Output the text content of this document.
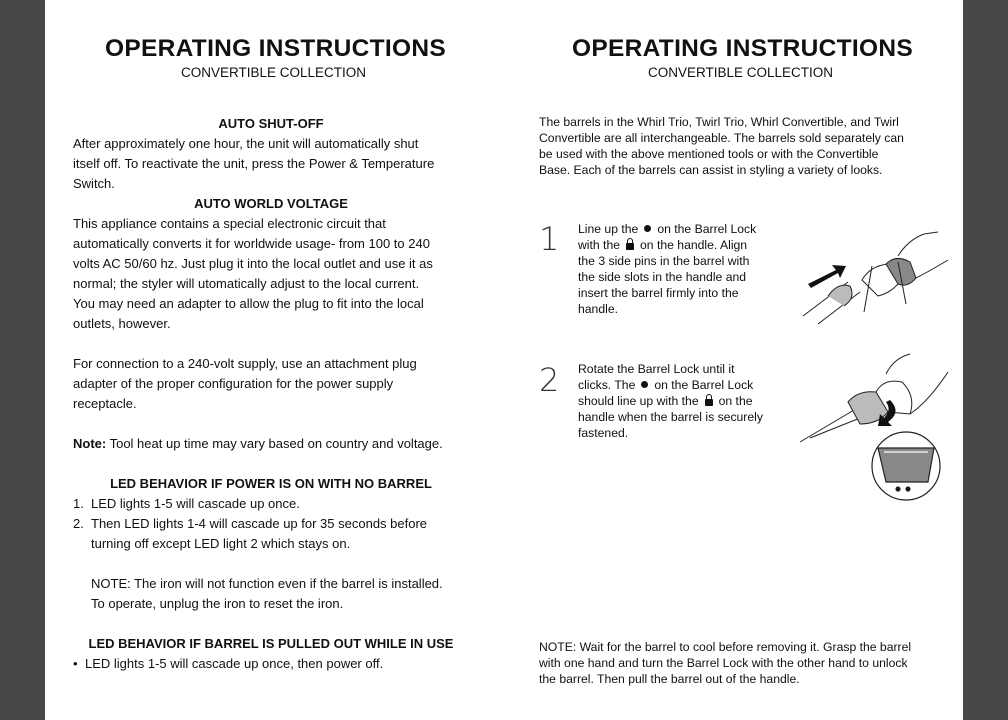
OPERATING INSTRUCTIONS

CONVERTIBLE COLLECTION

AUTO SHUT-OFF

After approximately one hour, the unit will automatically shut

itself off. To reactivate the unit, press the Power & Temperature

Switch.

AUTO WORLD VOLTAGE

This appliance contains a special electronic circuit that

automatically converts it for worldwide usage- from 100 to 240

volts AC 50/60 hz. Just plug it into the local outlet and use it as

normal; the styler will utomatically adjust to the local current.

You may need an adapter to allow the plug to fit into the local

outlets, however.

For connection to a 240-volt supply, use an attachment plug

adapter of the proper configuration for the power supply

receptacle.

Note: Tool heat up time may vary based on country and voltage.

LED BEHAVIOR IF POWER IS ON WITH NO BARREL

1. LED lights 1-5 will cascade up once.

2. Then LED lights 1-4 will cascade up for 35 seconds before

turning off except LED light 2 which stays on.

NOTE: The iron will not function even if the barrel is installed.

To operate, unplug the iron to reset the iron.

LED BEHAVIOR IF BARREL IS PULLED OUT WHILE IN USE

• LED lights 1-5 will cascade up once, then power off.

OPERATING INSTRUCTIONS

CONVERTIBLE COLLECTION

The barrels in the Whirl Trio, Twirl Trio, Whirl Convertible, and Twirl

Convertible are all interchangeable. The barrels sold separately can

be used with the above mentioned tools or with the Convertible

Base. Each of the barrels can assist in styling a variety of looks.

1 Line up the on the Barrel Lock

with the on the handle. Align

the 3 side pins in the barrel with

the side slots in the handle and

insert the barrel firmly into the

handle.

2 Rotate the Barrel Lock until it

clicks. The on the Barrel Lock

should line up with the on the

handle when the barrel is securely

fastened.

NOTE: Wait for the barrel to cool before removing it. Grasp the barrel

with one hand and turn the Barrel Lock with the other hand to unlock

the barrel. Then pull the barrel out of the handle.
